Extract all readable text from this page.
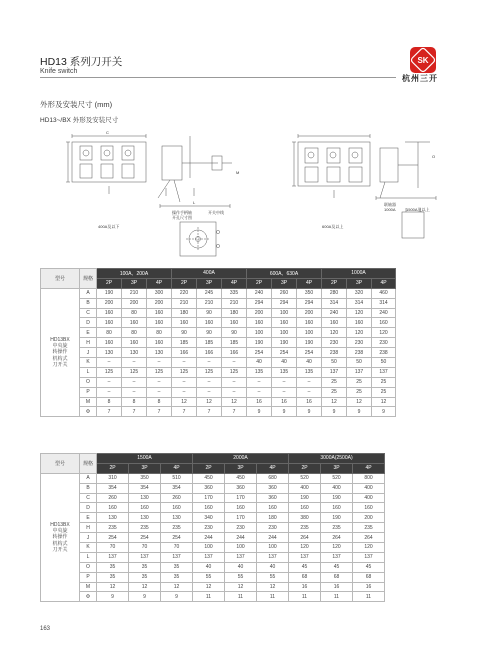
HD13 系列刀开关
Knife switch
SK
杭州三开
外形及安装尺寸 (mm)
HD13~/BX 外形及安装尺寸
400A及以下
操作手柄轴
开孔尺寸图
开关中线
600A及以上
联轴器
1000A	1500A及以上
M
L
C
O
型号	规格	100A、200A			400A			600A、630A			1000A		
		2P	3P	4P	2P	3P	4P	2P	3P	4P	2P	3P	4P

HD13BX
中央旋
转操作
机构式
刀开关	A	190	210	300	220	245	335	240	260	350	280	320	460
	B	200	200	200	210	210	210	294	294	294	314	314	314
	C	160	80	160	180	90	180	200	100	200	240	120	240
	D	160	160	160	160	160	160	160	160	160	160	160	160
	E	80	80	80	90	90	90	100	100	100	120	120	120
	H	160	160	160	185	185	185	190	190	190	230	230	230
	J	130	130	130	166	166	166	254	254	254	238	238	238
	K	–	–	–	–	–	–	40	40	40	50	50	50
	L	125	125	125	125	125	125	135	135	135	137	137	137
	O	–	–	–	–	–	–	–	–	–	25	25	25
	P	–	–	–	–	–	–	–	–	–	25	25	25
	M	8	8	8	12	12	12	16	16	16	12	12	12
	Φ	7	7	7	7	7	7	9	9	9	9	9	9
型号	规格	1500A			2000A			3000A(2500A)		
		2P	3P	4P	2P	3P	4P	2P	3P	4P

HD13BX
中央旋
转操作
机构式
刀开关	A	310	350	510	450	450	680	520	520	800
	B	354	354	354	360	360	360	400	400	400
	C	260	130	260	170	170	360	190	190	400
	D	160	160	160	160	160	160	160	160	160
	E	130	130	130	340	170	180	380	190	200
	H	235	235	235	230	230	230	235	235	235
	J	254	254	254	244	244	244	264	264	264
	K	70	70	70	100	100	100	120	120	120
	L	137	137	137	137	137	137	137	137	137
	O	35	35	35	40	40	40	45	45	45
	P	35	35	35	55	55	55	68	68	68
	M	12	12	12	12	12	12	16	16	16
	Φ	9	9	9	11	11	11	11	11	11
163
